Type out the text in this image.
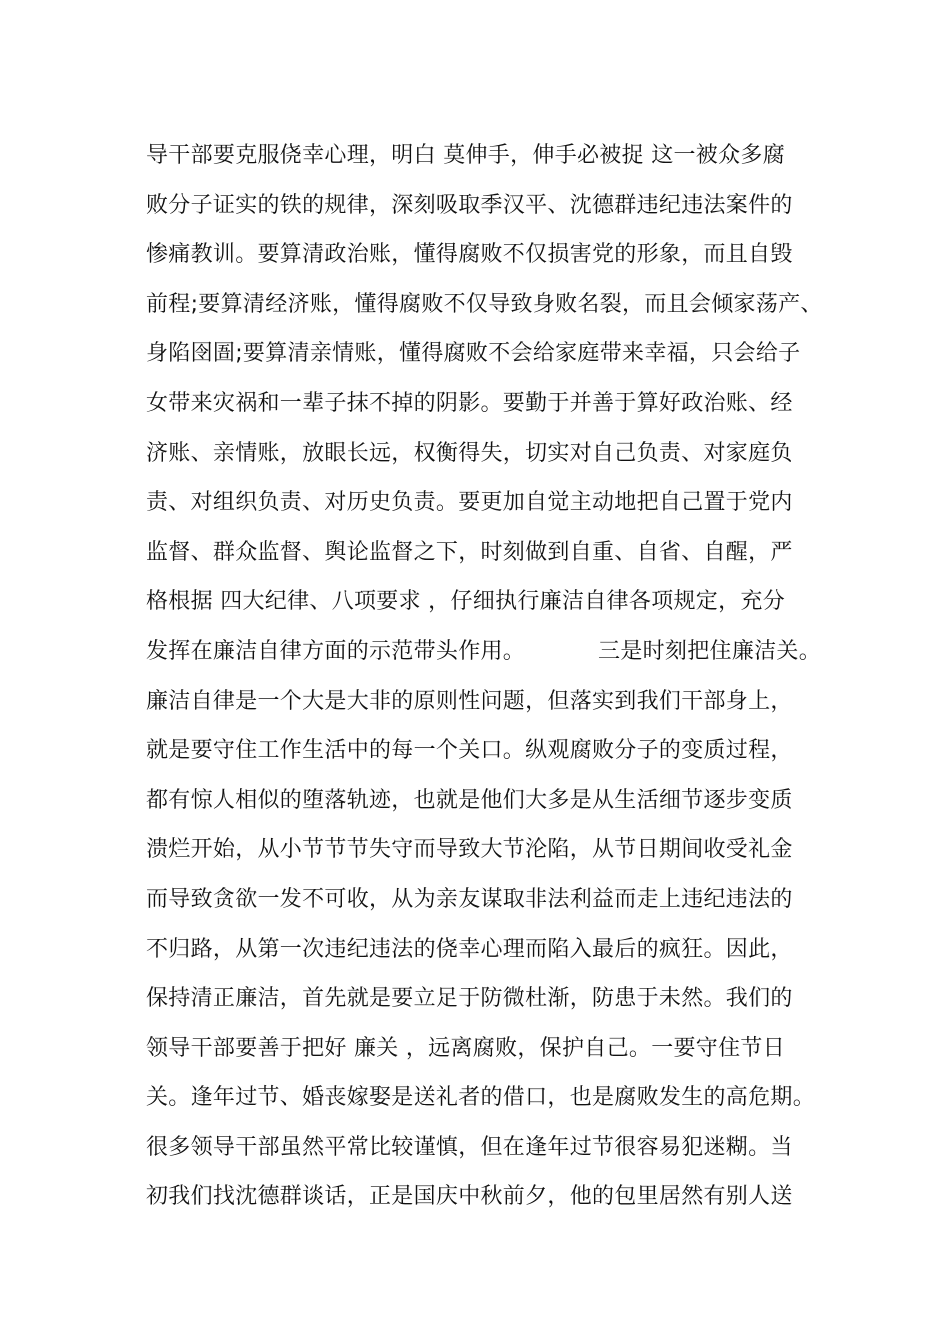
导干部要克服侥幸心理，明白 莫伸手，伸手必被捉 这一被众多腐
败分子证实的铁的规律，深刻吸取季汉平、沈德群违纪违法案件的
惨痛教训。要算清政治账，懂得腐败不仅损害党的形象，而且自毁
前程;要算清经济账，懂得腐败不仅导致身败名裂，而且会倾家荡产、
身陷囹圄;要算清亲情账，懂得腐败不会给家庭带来幸福，只会给子
女带来灾祸和一辈子抹不掉的阴影。要勤于并善于算好政治账、经
济账、亲情账，放眼长远，权衡得失，切实对自己负责、对家庭负
责、对组织负责、对历史负责。要更加自觉主动地把自己置于党内
监督、群众监督、舆论监督之下，时刻做到自重、自省、自醒，严
格根据 四大纪律、八项要求 ，仔细执行廉洁自律各项规定，充分
发挥在廉洁自律方面的示范带头作用。          三是时刻把住廉洁关。
廉洁自律是一个大是大非的原则性问题，但落实到我们干部身上，
就是要守住工作生活中的每一个关口。纵观腐败分子的变质过程，
都有惊人相似的堕落轨迹，也就是他们大多是从生活细节逐步变质
溃烂开始，从小节节节失守而导致大节沦陷，从节日期间收受礼金
而导致贪欲一发不可收，从为亲友谋取非法利益而走上违纪违法的
不归路，从第一次违纪违法的侥幸心理而陷入最后的疯狂。因此，
保持清正廉洁，首先就是要立足于防微杜渐，防患于未然。我们的
领导干部要善于把好 廉关 ，远离腐败，保护自己。一要守住节日
关。逢年过节、婚丧嫁娶是送礼者的借口，也是腐败发生的高危期。
很多领导干部虽然平常比较谨慎，但在逢年过节很容易犯迷糊。当
初我们找沈德群谈话，正是国庆中秋前夕，他的包里居然有别人送
